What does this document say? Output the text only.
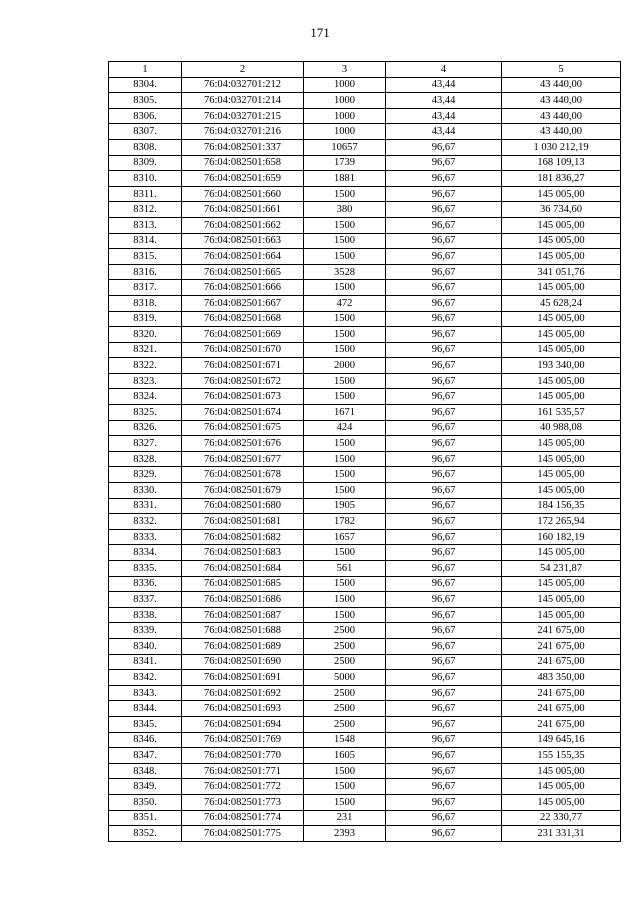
171
1	2	3	4	5
8304.	76:04:032701:212	1000	43,44	43 440,00
8305.	76:04:032701:214	1000	43,44	43 440,00
8306.	76:04:032701:215	1000	43,44	43 440,00
8307.	76:04:032701:216	1000	43,44	43 440,00
8308.	76:04:082501:337	10657	96,67	1 030 212,19
8309.	76:04:082501:658	1739	96,67	168 109,13
8310.	76:04:082501:659	1881	96,67	181 836,27
8311.	76:04:082501:660	1500	96,67	145 005,00
8312.	76:04:082501:661	380	96,67	36 734,60
8313.	76:04:082501:662	1500	96,67	145 005,00
8314.	76:04:082501:663	1500	96,67	145 005,00
8315.	76:04:082501:664	1500	96,67	145 005,00
8316.	76:04:082501:665	3528	96,67	341 051,76
8317.	76:04:082501:666	1500	96,67	145 005,00
8318.	76:04:082501:667	472	96,67	45 628,24
8319.	76:04:082501:668	1500	96,67	145 005,00
8320.	76:04:082501:669	1500	96,67	145 005,00
8321.	76:04:082501:670	1500	96,67	145 005,00
8322.	76:04:082501:671	2000	96,67	193 340,00
8323.	76:04:082501:672	1500	96,67	145 005,00
8324.	76:04:082501:673	1500	96,67	145 005,00
8325.	76:04:082501:674	1671	96,67	161 535,57
8326.	76:04:082501:675	424	96,67	40 988,08
8327.	76:04:082501:676	1500	96,67	145 005,00
8328.	76:04:082501:677	1500	96,67	145 005,00
8329.	76:04:082501:678	1500	96,67	145 005,00
8330.	76:04:082501:679	1500	96,67	145 005,00
8331.	76:04:082501:680	1905	96,67	184 156,35
8332.	76:04:082501:681	1782	96,67	172 265,94
8333.	76:04:082501:682	1657	96,67	160 182,19
8334.	76:04:082501:683	1500	96,67	145 005,00
8335.	76:04:082501:684	561	96,67	54 231,87
8336.	76:04:082501:685	1500	96,67	145 005,00
8337.	76:04:082501:686	1500	96,67	145 005,00
8338.	76:04:082501:687	1500	96,67	145 005,00
8339.	76:04:082501:688	2500	96,67	241 675,00
8340.	76:04:082501:689	2500	96,67	241 675,00
8341.	76:04:082501:690	2500	96,67	241 675,00
8342.	76:04:082501:691	5000	96,67	483 350,00
8343.	76:04:082501:692	2500	96,67	241 675,00
8344.	76:04:082501:693	2500	96,67	241 675,00
8345.	76:04:082501:694	2500	96,67	241 675,00
8346.	76:04:082501:769	1548	96,67	149 645,16
8347.	76:04:082501:770	1605	96,67	155 155,35
8348.	76:04:082501:771	1500	96,67	145 005,00
8349.	76:04:082501:772	1500	96,67	145 005,00
8350.	76:04:082501:773	1500	96,67	145 005,00
8351.	76:04:082501:774	231	96,67	22 330,77
8352.	76:04:082501:775	2393	96,67	231 331,31
